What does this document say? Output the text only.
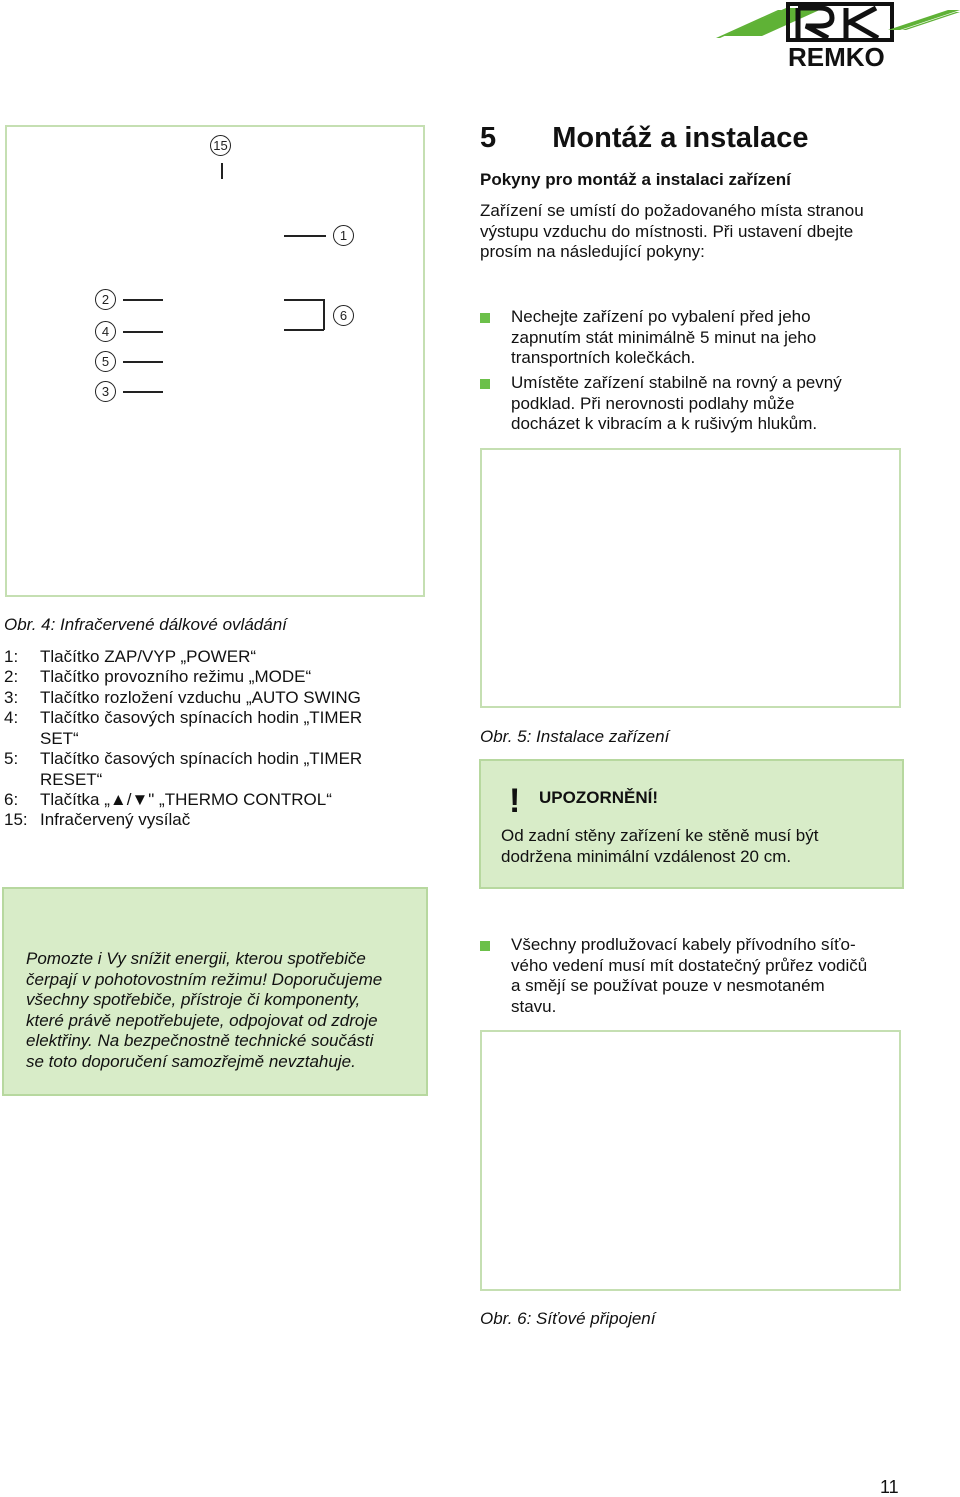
REMKO
15
1
2
4
5
3
6
5 Montáž a instalace
Pokyny pro montáž a instalaci zařízení
Zařízení se umístí do požadovaného místa stranou
výstupu vzduchu do místnosti. Při ustavení dbejte
prosím na následující pokyny:
Nechejte zařízení po vybalení před jeho
zapnutím stát minimálně 5 minut na jeho
transportních kolečkách.
Umístěte zařízení stabilně na rovný a pevný
podklad. Při nerovnosti podlahy může
docházet k vibracím a k rušivým hlukům.
Obr. 5: Instalace zařízení
Obr. 4: Infračervené dálkové ovládání
1:	Tlačítko ZAP/VYP „POWER“
2:	Tlačítko provozního režimu „MODE“
3:	Tlačítko rozložení vzduchu „AUTO SWING
4:	Tlačítko časových spínacích hodin „TIMER
SET“
5:	Tlačítko časových spínacích hodin „TIMER
RESET“
6:	Tlačítka „▲/▼" „THERMO CONTROL“
15: Infračervený vysílač	! UPOZORNĚNÍ!
Od zadní stěny zařízení ke stěně musí být
dodržena minimální vzdálenost 20 cm.
Pomozte i Vy snížit energii, kterou spotřebiče
čerpají v pohotovostním režimu! Doporučujeme
všechny spotřebiče, přístroje či komponenty,
které právě nepotřebujete, odpojovat od zdroje
elektřiny. Na bezpečnostně technické součásti
se toto doporučení samozřejmě nevztahuje.
Všechny prodlužovací kabely přívodního síťo-
vého vedení musí mít dostatečný průřez vodičů
a smějí se používat pouze v nesmotaném
stavu.
Obr. 6: Síťové připojení
11
